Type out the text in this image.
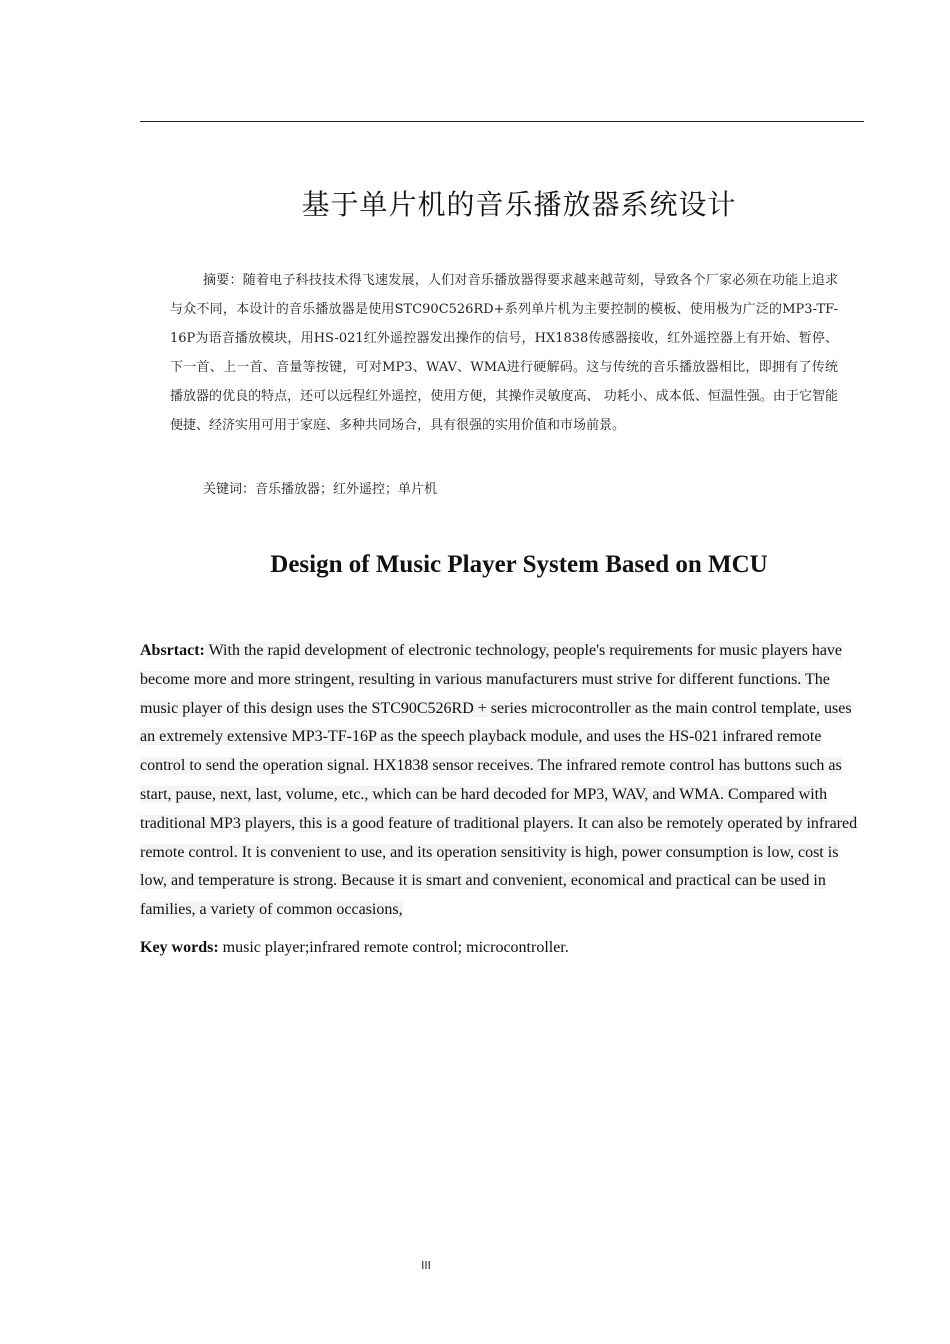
基于单片机的音乐播放器系统设计
摘要：随着电子科技技术得飞速发展，人们对音乐播放器得要求越来越苛刻，导致各个厂家必须在功能上追求与众不同，本设计的音乐播放器是使用STC90C526RD+系列单片机为主要控制的模板、使用极为广泛的MP3-TF-16P为语音播放模块，用HS-021红外遥控器发出操作的信号，HX1838传感器接收，红外遥控器上有开始、暂停、下一首、上一首、音量等按键，可对MP3、WAV、WMA进行硬解码。这与传统的音乐播放器相比，即拥有了传统播放器的优良的特点，还可以远程红外遥控，使用方便，其操作灵敏度高、 功耗小、成本低、恒温性强。由于它智能便捷、经济实用可用于家庭、多种共同场合，具有很强的实用价值和市场前景。
关键词：音乐播放器；红外遥控；单片机
Design of Music Player System Based on MCU
Absrtact: With the rapid development of electronic technology, people's requirements for music players have become more and more stringent, resulting in various manufacturers must strive for different functions. The music player of this design uses the STC90C526RD + series microcontroller as the main control template, uses an extremely extensive MP3-TF-16P as the speech playback module, and uses the HS-021 infrared remote control to send the operation signal. HX1838 sensor receives. The infrared remote control has buttons such as start, pause, next, last, volume, etc., which can be hard decoded for MP3, WAV, and WMA. Compared with traditional MP3 players, this is a good feature of traditional players. It can also be remotely operated by infrared remote control. It is convenient to use, and its operation sensitivity is high, power consumption is low, cost is low, and temperature is strong. Because it is smart and convenient, economical and practical can be used in families, a variety of common occasions,
Key words: music player;infrared remote control; microcontroller.
III
